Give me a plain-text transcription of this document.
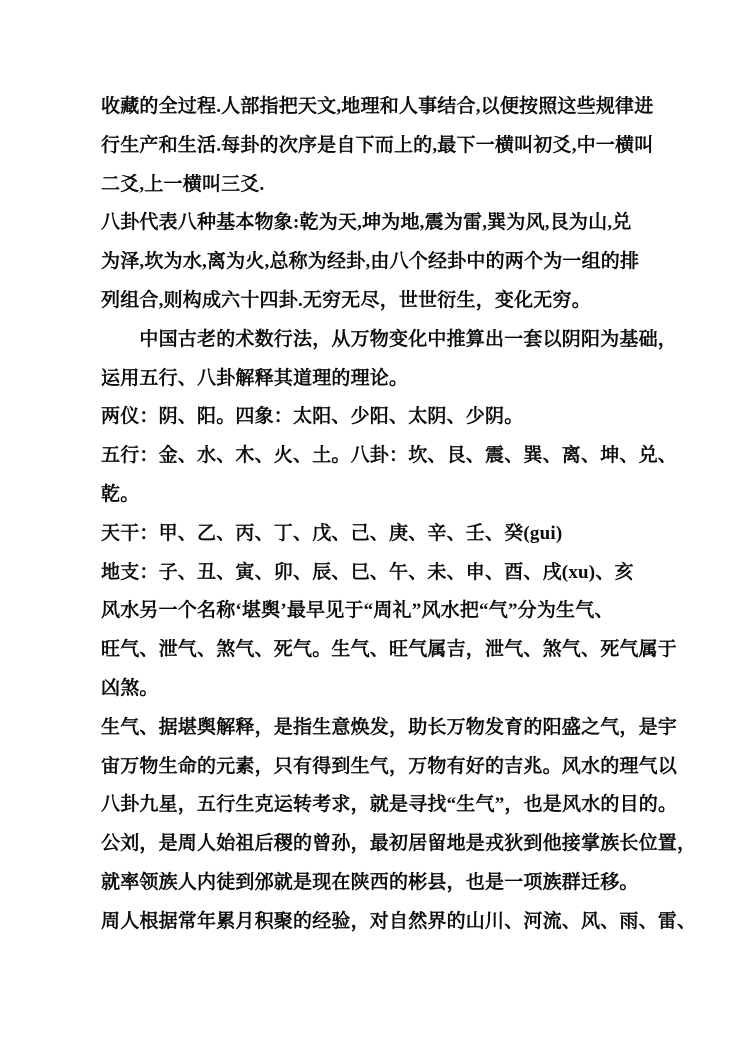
收藏的全过程.人部指把天文,地理和人事结合,以便按照这些规律进
行生产和生活.每卦的次序是自下而上的,最下一横叫初爻,中一横叫
二爻,上一横叫三爻.

八卦代表八种基本物象:乾为天,坤为地,震为雷,巽为风,艮为山,兑
为泽,坎为水,离为火,总称为经卦,由八个经卦中的两个为一组的排
列组合,则构成六十四卦.无穷无尽，世世衍生，变化无穷。

　　中国古老的术数行法，从万物变化中推算出一套以阴阳为基础，
运用五行、八卦解释其道理的理论。

两仪：阴、阳。四象：太阳、少阳、太阴、少阴。

五行：金、水、木、火、土。八卦：坎、艮、震、巽、离、坤、兑、
乾。

天干：甲、乙、丙、丁、戊、己、庚、辛、壬、癸(gui)

地支：子、丑、寅、卯、辰、巳、午、未、申、酉、戌(xu)、亥

风水另一个名称‘堪舆’最早见于“周礼”风水把“气”分为生气、
旺气、泄气、煞气、死气。生气、旺气属吉，泄气、煞气、死气属于
凶煞。

生气、据堪舆解释，是指生意焕发，助长万物发育的阳盛之气，是宇
宙万物生命的元素，只有得到生气，万物有好的吉兆。风水的理气以
八卦九星，五行生克运转考求，就是寻找“生气”，也是风水的目的。

公刘，是周人始祖后稷的曾孙，最初居留地是戎狄到他接掌族长位置，
就率领族人内徒到邠就是现在陕西的彬县，也是一项族群迁移。

周人根据常年累月积聚的经验，对自然界的山川、河流、风、雨、雷、
